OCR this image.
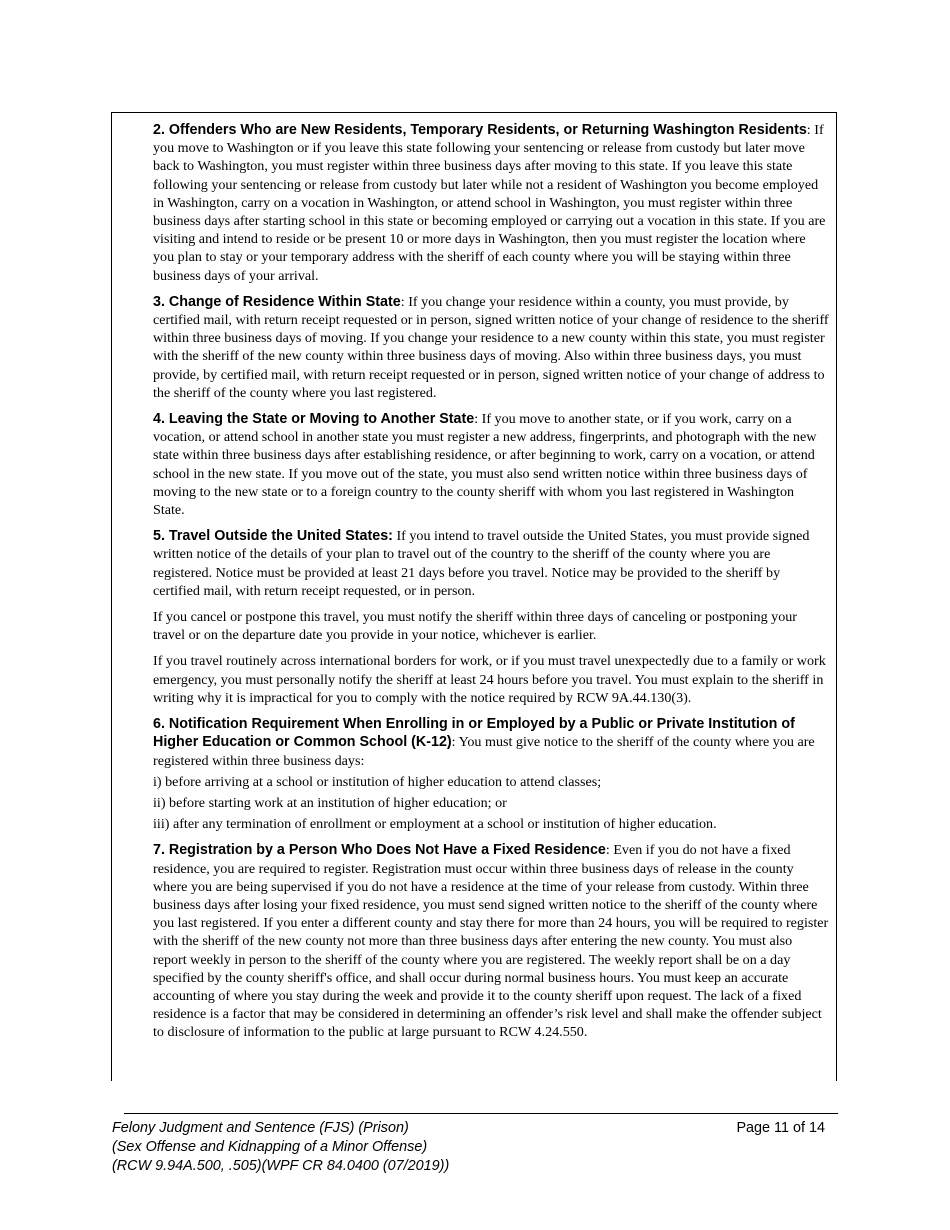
2. Offenders Who are New Residents, Temporary Residents, or Returning Washington Residents: If you move to Washington or if you leave this state following your sentencing or release from custody but later move back to Washington, you must register within three business days after moving to this state. If you leave this state following your sentencing or release from custody but later while not a resident of Washington you become employed in Washington, carry on a vocation in Washington, or attend school in Washington, you must register within three business days after starting school in this state or becoming employed or carrying out a vocation in this state. If you are visiting and intend to reside or be present 10 or more days in Washington, then you must register the location where you plan to stay or your temporary address with the sheriff of each county where you will be staying within three business days of your arrival.

3. Change of Residence Within State: If you change your residence within a county, you must provide, by certified mail, with return receipt requested or in person, signed written notice of your change of residence to the sheriff within three business days of moving. If you change your residence to a new county within this state, you must register with the sheriff of the new county within three business days of moving. Also within three business days, you must provide, by certified mail, with return receipt requested or in person, signed written notice of your change of address to the sheriff of the county where you last registered.

4. Leaving the State or Moving to Another State: If you move to another state, or if you work, carry on a vocation, or attend school in another state you must register a new address, fingerprints, and photograph with the new state within three business days after establishing residence, or after beginning to work, carry on a vocation, or attend school in the new state. If you move out of the state, you must also send written notice within three business days of moving to the new state or to a foreign country to the county sheriff with whom you last registered in Washington State.

5. Travel Outside the United States: If you intend to travel outside the United States, you must provide signed written notice of the details of your plan to travel out of the country to the sheriff of the county where you are registered. Notice must be provided at least 21 days before you travel. Notice may be provided to the sheriff by certified mail, with return receipt requested, or in person.

If you cancel or postpone this travel, you must notify the sheriff within three days of canceling or postponing your travel or on the departure date you provide in your notice, whichever is earlier.

If you travel routinely across international borders for work, or if you must travel unexpectedly due to a family or work emergency, you must personally notify the sheriff at least 24 hours before you travel. You must explain to the sheriff in writing why it is impractical for you to comply with the notice required by RCW 9A.44.130(3).

6. Notification Requirement When Enrolling in or Employed by a Public or Private Institution of Higher Education or Common School (K-12): You must give notice to the sheriff of the county where you are registered within three business days:

i) before arriving at a school or institution of higher education to attend classes;

ii) before starting work at an institution of higher education; or

iii) after any termination of enrollment or employment at a school or institution of higher education.

7. Registration by a Person Who Does Not Have a Fixed Residence: Even if you do not have a fixed residence, you are required to register. Registration must occur within three business days of release in the county where you are being supervised if you do not have a residence at the time of your release from custody. Within three business days after losing your fixed residence, you must send signed written notice to the sheriff of the county where you last registered. If you enter a different county and stay there for more than 24 hours, you will be required to register with the sheriff of the new county not more than three business days after entering the new county. You must also report weekly in person to the sheriff of the county where you are registered. The weekly report shall be on a day specified by the county sheriff's office, and shall occur during normal business hours. You must keep an accurate accounting of where you stay during the week and provide it to the county sheriff upon request. The lack of a fixed residence is a factor that may be considered in determining an offender’s risk level and shall make the offender subject to disclosure of information to the public at large pursuant to RCW 4.24.550.

Felony Judgment and Sentence (FJS) (Prison)
(Sex Offense and Kidnapping of a Minor Offense)
(RCW 9.94A.500, .505)(WPF CR 84.0400 (07/2019))
Page 11 of 14
